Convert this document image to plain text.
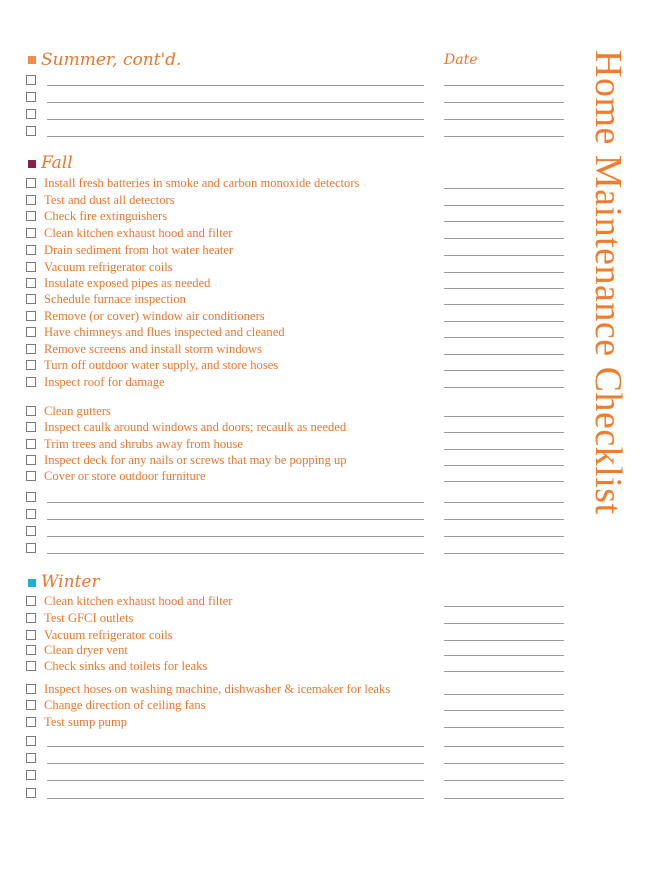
Home Maintenance Checklist
Summer, cont'd.	Date
Fall
Winter
Install fresh batteries in smoke and carbon monoxide detectors
Test and dust all detectors
Check fire extinguishers
Clean kitchen exhaust hood and filter
Drain sediment from hot water heater
Vacuum refrigerator coils
Insulate exposed pipes as needed
Schedule furnace inspection
Remove (or cover) window air conditioners
Have chimneys and flues inspected and cleaned
Remove screens and install storm windows
Turn off outdoor water supply, and store hoses
Inspect roof for damage
Clean gutters
Inspect caulk around windows and doors; recaulk as needed
Trim trees and shrubs away from house
Inspect deck for any nails or screws that may be popping up
Cover or store outdoor furniture
Clean kitchen exhaust hood and filter
Test GFCI outlets
Vacuum refrigerator coils
Clean dryer vent
Check sinks and toilets for leaks
Inspect hoses on washing machine, dishwasher & icemaker for leaks
Change direction of ceiling fans
Test sump pump
